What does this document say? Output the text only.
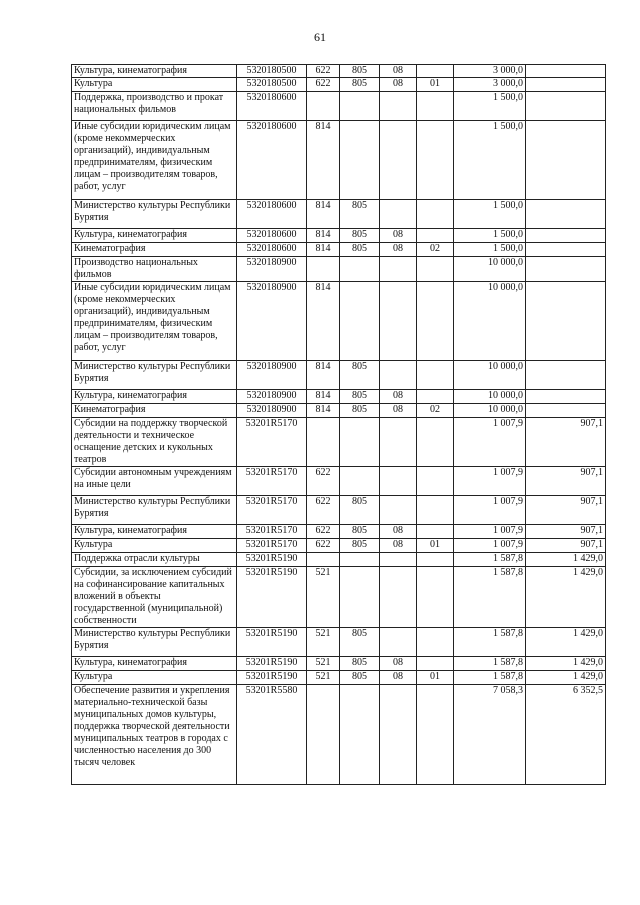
61
Культура, кинематография	5320180500	622	805	08		3 000,0	
Культура	5320180500	622	805	08	01	3 000,0	
Поддержка, производство и прокат национальных фильмов	5320180600					1 500,0	
Иные субсидии юридическим лицам (кроме некоммерческих организаций), индивидуальным предпринимателям, физическим лицам – производителям товаров, работ, услуг	5320180600	814				1 500,0	
Министерство культуры Республики Бурятия	5320180600	814	805			1 500,0	
Культура, кинематография	5320180600	814	805	08		1 500,0	
Кинематография	5320180600	814	805	08	02	1 500,0	
Производство национальных фильмов	5320180900					10 000,0	
Иные субсидии юридическим лицам (кроме некоммерческих организаций), индивидуальным предпринимателям, физическим лицам – производителям товаров, работ, услуг	5320180900	814				10 000,0	
Министерство культуры Республики Бурятия	5320180900	814	805			10 000,0	
Культура, кинематография	5320180900	814	805	08		10 000,0	
Кинематография	5320180900	814	805	08	02	10 000,0	
Субсидии на поддержку творческой деятельности и техническое оснащение детских и кукольных театров	53201R5170					1 007,9	907,1
Субсидии автономным учреждениям на иные цели	53201R5170	622				1 007,9	907,1
Министерство культуры Республики Бурятия	53201R5170	622	805			1 007,9	907,1
Культура, кинематография	53201R5170	622	805	08		1 007,9	907,1
Культура	53201R5170	622	805	08	01	1 007,9	907,1
Поддержка отрасли культуры	53201R5190					1 587,8	1 429,0
Субсидии, за исключением субсидий на софинансирование капитальных вложений в объекты государственной (муниципальной) собственности	53201R5190	521				1 587,8	1 429,0
Министерство культуры Республики Бурятия	53201R5190	521	805			1 587,8	1 429,0
Культура, кинематография	53201R5190	521	805	08		1 587,8	1 429,0
Культура	53201R5190	521	805	08	01	1 587,8	1 429,0
Обеспечение развития и укрепления материально-технической базы муниципальных домов культуры, поддержка творческой деятельности муниципальных театров в городах с численностью населения до 300 тысяч человек	53201R5580					7 058,3	6 352,5
